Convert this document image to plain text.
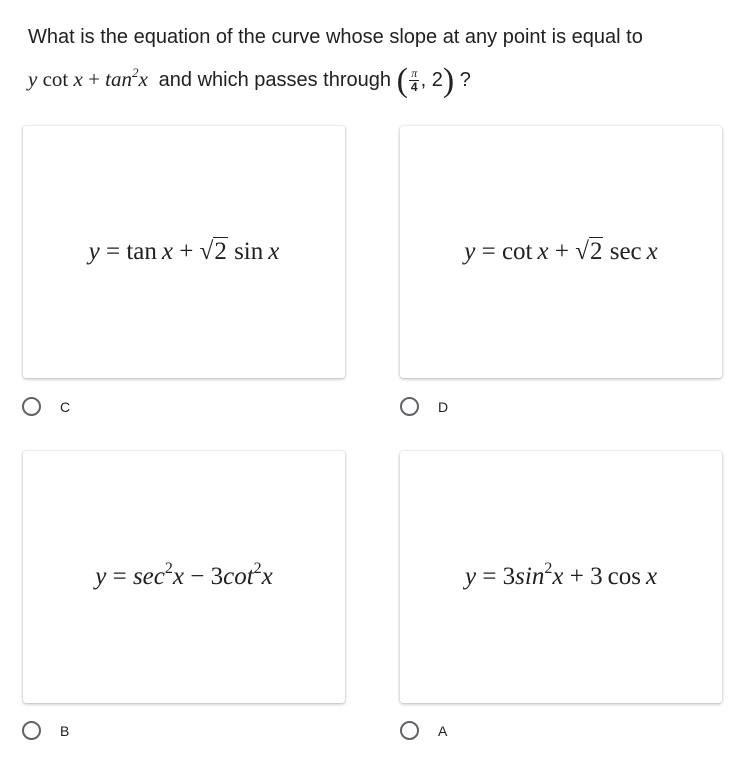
What is the equation of the curve whose slope at any point is equal to
y $\cot x + \tan^2x$ and which passes through ( $\frac{\pi}{4}$ , 2) ?
y = tan  x + √2 sin  x
C
y = cot  x + √2 sec  x
D
$y = \sec^2x - 3\cot^2x$
B
$y = 3\sin^2x + 3$  cos  x
A
